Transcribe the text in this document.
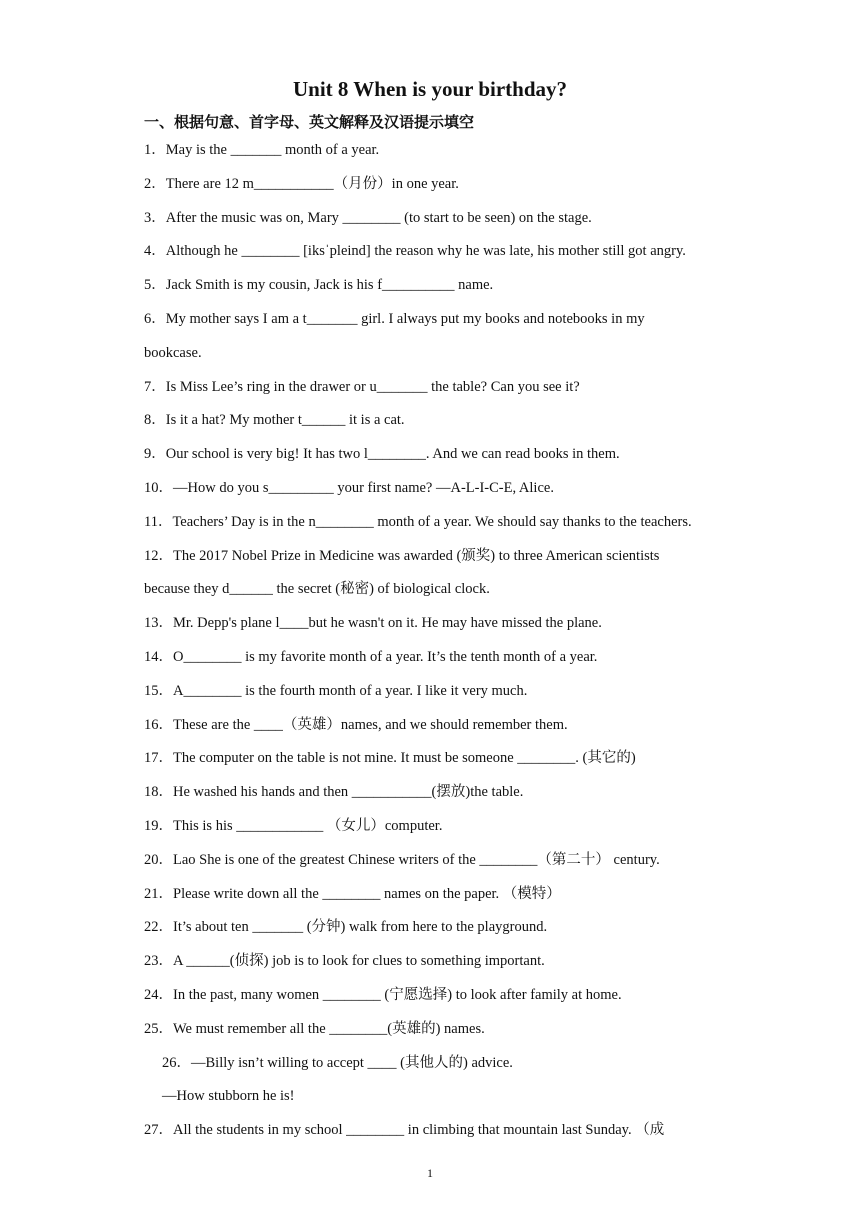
Unit 8 When is your birthday?
一、根据句意、首字母、英文解释及汉语提示填空
1．May is the _______ month of a year.
2．There are 12 m___________（月份）in one year.
3．After the music was on, Mary ________ (to start to be seen) on the stage.
4．Although he ________ [iksˈpleind] the reason why he was late, his mother still got angry.
5．Jack Smith is my cousin, Jack is his f__________ name.
6．My mother says I am a t_______ girl. I always put my books and notebooks in my
bookcase.
7．Is Miss Lee’s ring in the drawer or u_______ the table? Can you see it?
8．Is it a hat? My mother t______ it is a cat.
9．Our school is very big! It has two l________. And we can read books in them.
10．—How do you s_________ your first name? —A-L-I-C-E, Alice.
11．Teachers’ Day is in the n________ month of a year. We should say thanks to the teachers.
12．The 2017 Nobel Prize in Medicine was awarded (颁奖) to three American scientists
because they d______ the secret (秘密) of biological clock.
13．Mr. Depp's plane l____but he wasn't on it. He may have missed the plane.
14．O________ is my favorite month of a year. It’s the tenth month of a year.
15．A________ is the fourth month of a year. I like it very much.
16．These are the ____（英雄）names, and we should remember them.
17．The computer on the table is not mine. It must be someone ________. (其它的)
18．He washed his hands and then ___________(摆放)the table.
19．This is his ____________ （女儿）computer.
20．Lao She is one of the greatest Chinese writers of the ________（第二十） century.
21．Please write down all the ________ names on the paper. （模特）
22．It’s about ten _______ (分钟) walk from here to the playground.
23．A ______(侦探) job is to look for clues to something important.
24．In the past, many women ________ (宁愿选择) to look after family at home.
25．We must remember all the ________(英雄的) names.
26．—Billy isn’t willing to accept ____ (其他人的) advice.
—How stubborn he is!
27．All the students in my school ________ in climbing that mountain last Sunday. （成
1
